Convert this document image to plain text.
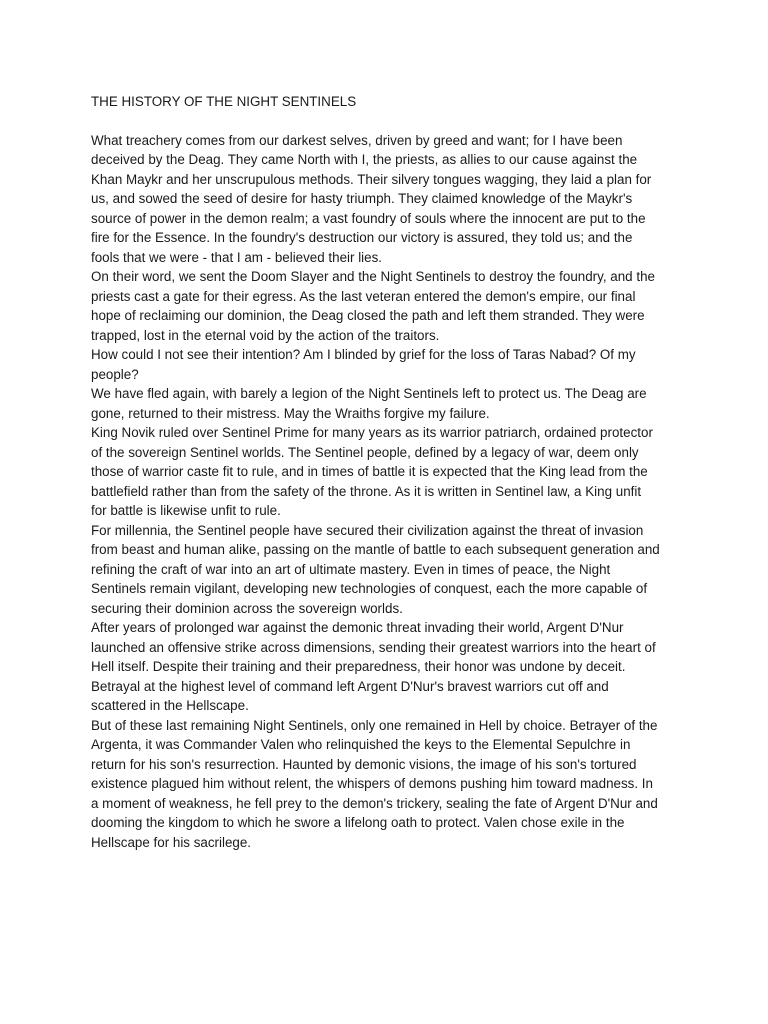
THE HISTORY OF THE NIGHT SENTINELS

What treachery comes from our darkest selves, driven by greed and want; for I have been
deceived by the Deag. They came North with I, the priests, as allies to our cause against the
Khan Maykr and her unscrupulous methods. Their silvery tongues wagging, they laid a plan for
us, and sowed the seed of desire for hasty triumph. They claimed knowledge of the Maykr's
source of power in the demon realm; a vast foundry of souls where the innocent are put to the
fire for the Essence. In the foundry's destruction our victory is assured, they told us; and the
fools that we were - that I am - believed their lies.

On their word, we sent the Doom Slayer and the Night Sentinels to destroy the foundry, and the
priests cast a gate for their egress. As the last veteran entered the demon's empire, our final
hope of reclaiming our dominion, the Deag closed the path and left them stranded. They were
trapped, lost in the eternal void by the action of the traitors.

How could I not see their intention? Am I blinded by grief for the loss of Taras Nabad? Of my
people?

We have fled again, with barely a legion of the Night Sentinels left to protect us. The Deag are
gone, returned to their mistress. May the Wraiths forgive my failure.

King Novik ruled over Sentinel Prime for many years as its warrior patriarch, ordained protector
of the sovereign Sentinel worlds. The Sentinel people, defined by a legacy of war, deem only
those of warrior caste fit to rule, and in times of battle it is expected that the King lead from the
battlefield rather than from the safety of the throne. As it is written in Sentinel law, a King unfit
for battle is likewise unfit to rule.

For millennia, the Sentinel people have secured their civilization against the threat of invasion
from beast and human alike, passing on the mantle of battle to each subsequent generation and
refining the craft of war into an art of ultimate mastery. Even in times of peace, the Night
Sentinels remain vigilant, developing new technologies of conquest, each the more capable of
securing their dominion across the sovereign worlds.

After years of prolonged war against the demonic threat invading their world, Argent D'Nur
launched an offensive strike across dimensions, sending their greatest warriors into the heart of
Hell itself. Despite their training and their preparedness, their honor was undone by deceit.
Betrayal at the highest level of command left Argent D'Nur's bravest warriors cut off and
scattered in the Hellscape.

But of these last remaining Night Sentinels, only one remained in Hell by choice. Betrayer of the
Argenta, it was Commander Valen who relinquished the keys to the Elemental Sepulchre in
return for his son's resurrection. Haunted by demonic visions, the image of his son's tortured
existence plagued him without relent, the whispers of demons pushing him toward madness. In
a moment of weakness, he fell prey to the demon's trickery, sealing the fate of Argent D'Nur and
dooming the kingdom to which he swore a lifelong oath to protect. Valen chose exile in the
Hellscape for his sacrilege.
